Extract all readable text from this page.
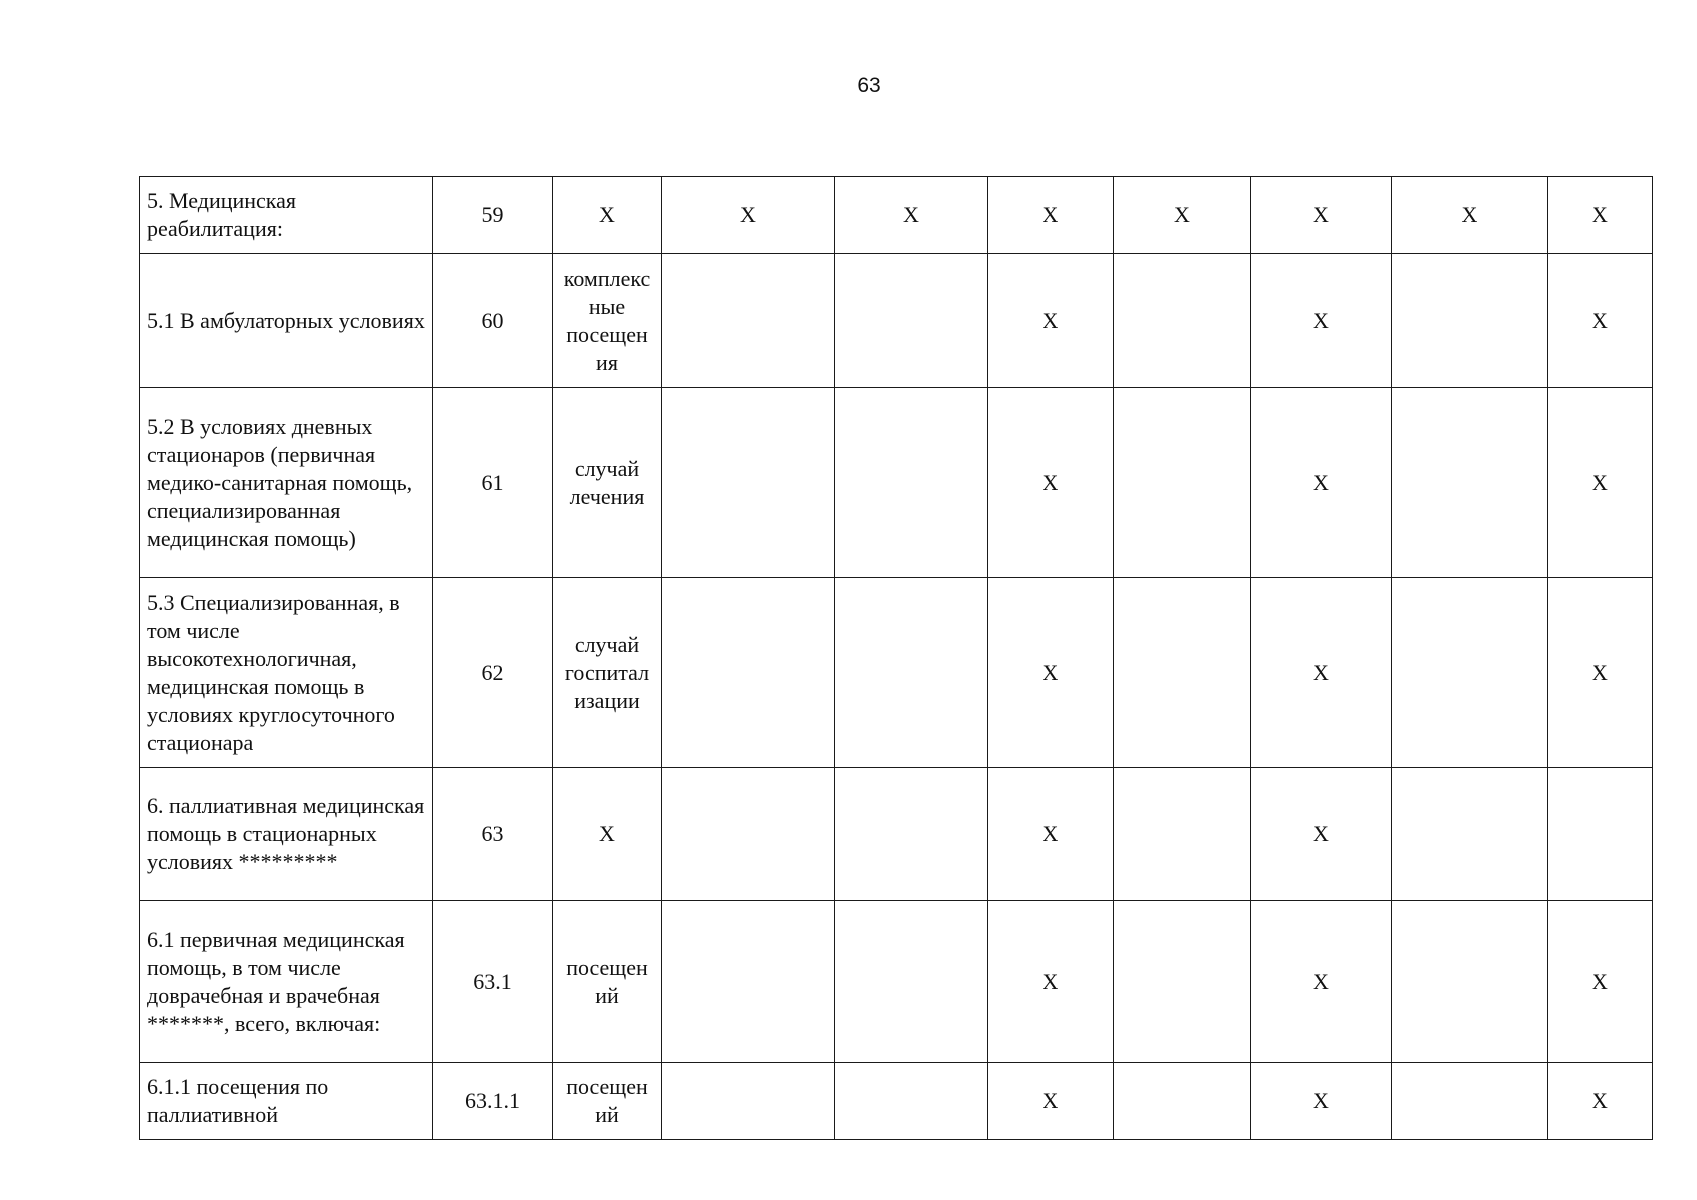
63
5. Медицинская реабилитация:	59	Х	Х	Х	Х	Х	Х	Х	Х
5.1 В амбулаторных условиях	60	комплекс ные посещен ия			Х		Х		Х
5.2 В условиях дневных стационаров (первичная медико-санитарная помощь, специализированная медицинская помощь)	61	случай лечения			Х		Х		Х
5.3 Специализированная, в том числе высокотехнологичная, медицинская помощь в условиях круглосуточного стационара	62	случай госпитал изации			Х		Х		Х
6. паллиативная медицинская помощь в стационарных условиях *********	63	Х			Х		Х		
6.1 первичная медицинская помощь, в том числе доврачебная и врачебная *******, всего, включая:	63.1	посещен ий			Х		Х		Х
6.1.1 посещения по паллиативной	63.1.1	посещен ий			Х		Х		Х
